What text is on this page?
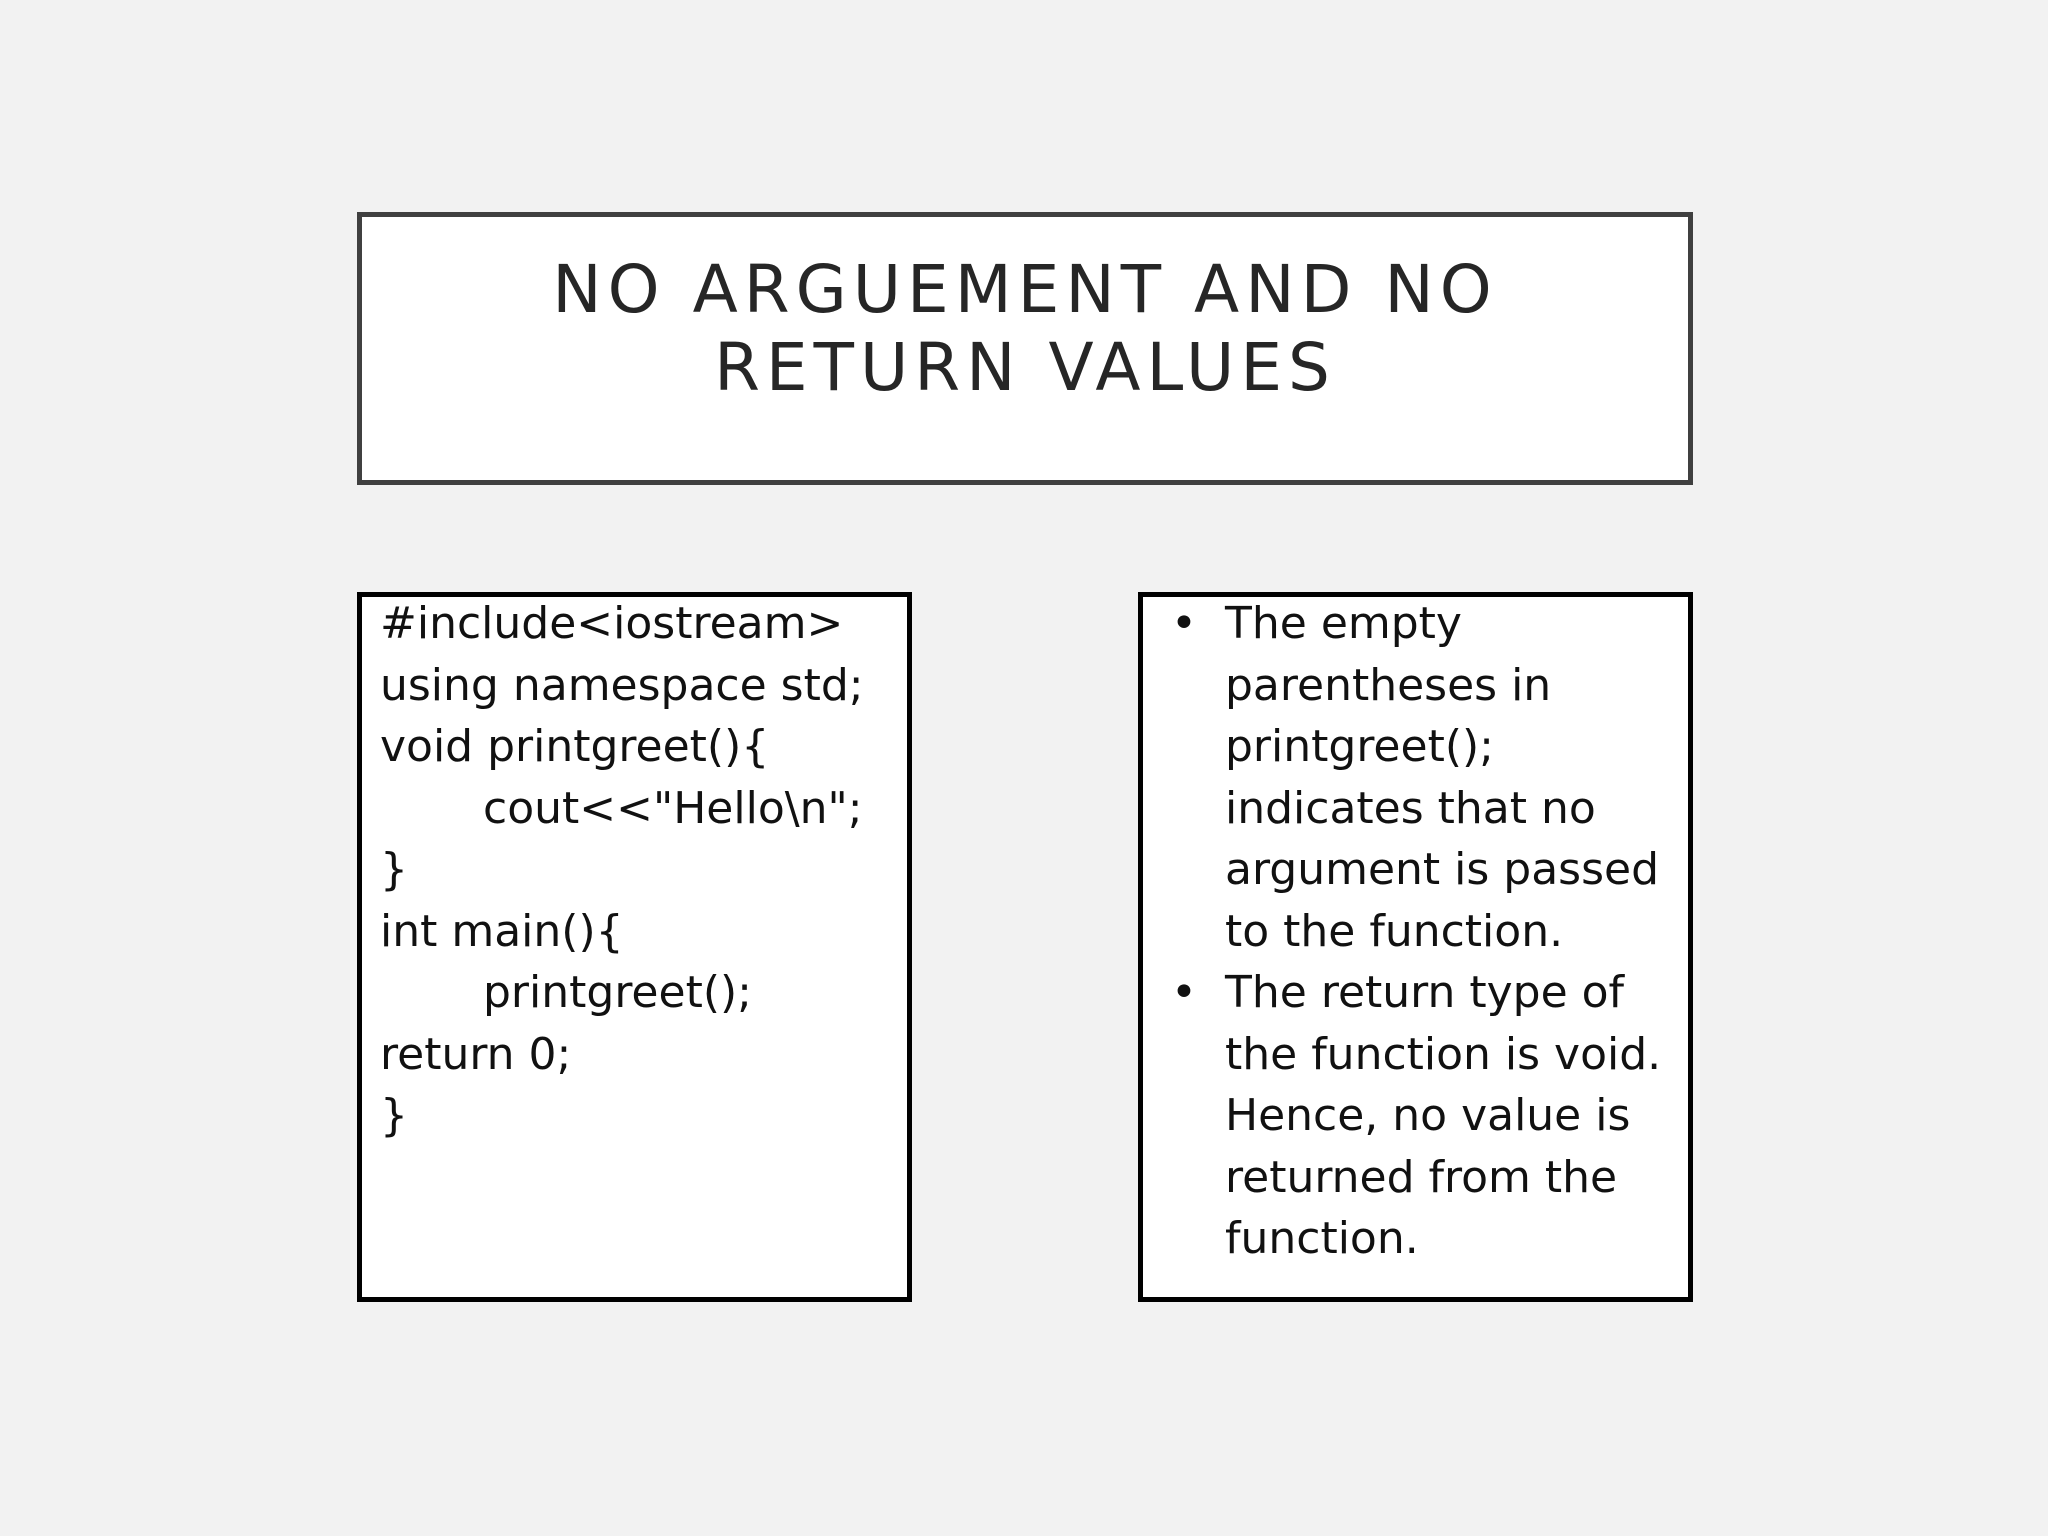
NO ARGUEMENT AND NO
RETURN VALUES
#include<iostream>
using namespace std;
void printgreet(){
cout<<"Hello\n";
}
int main(){
printgreet();
return 0;
}
• The empty
parentheses in
printgreet();
indicates that no
argument is passed
to the function.
• The return type of
the function is void.
Hence, no value is
returned from the
function.
